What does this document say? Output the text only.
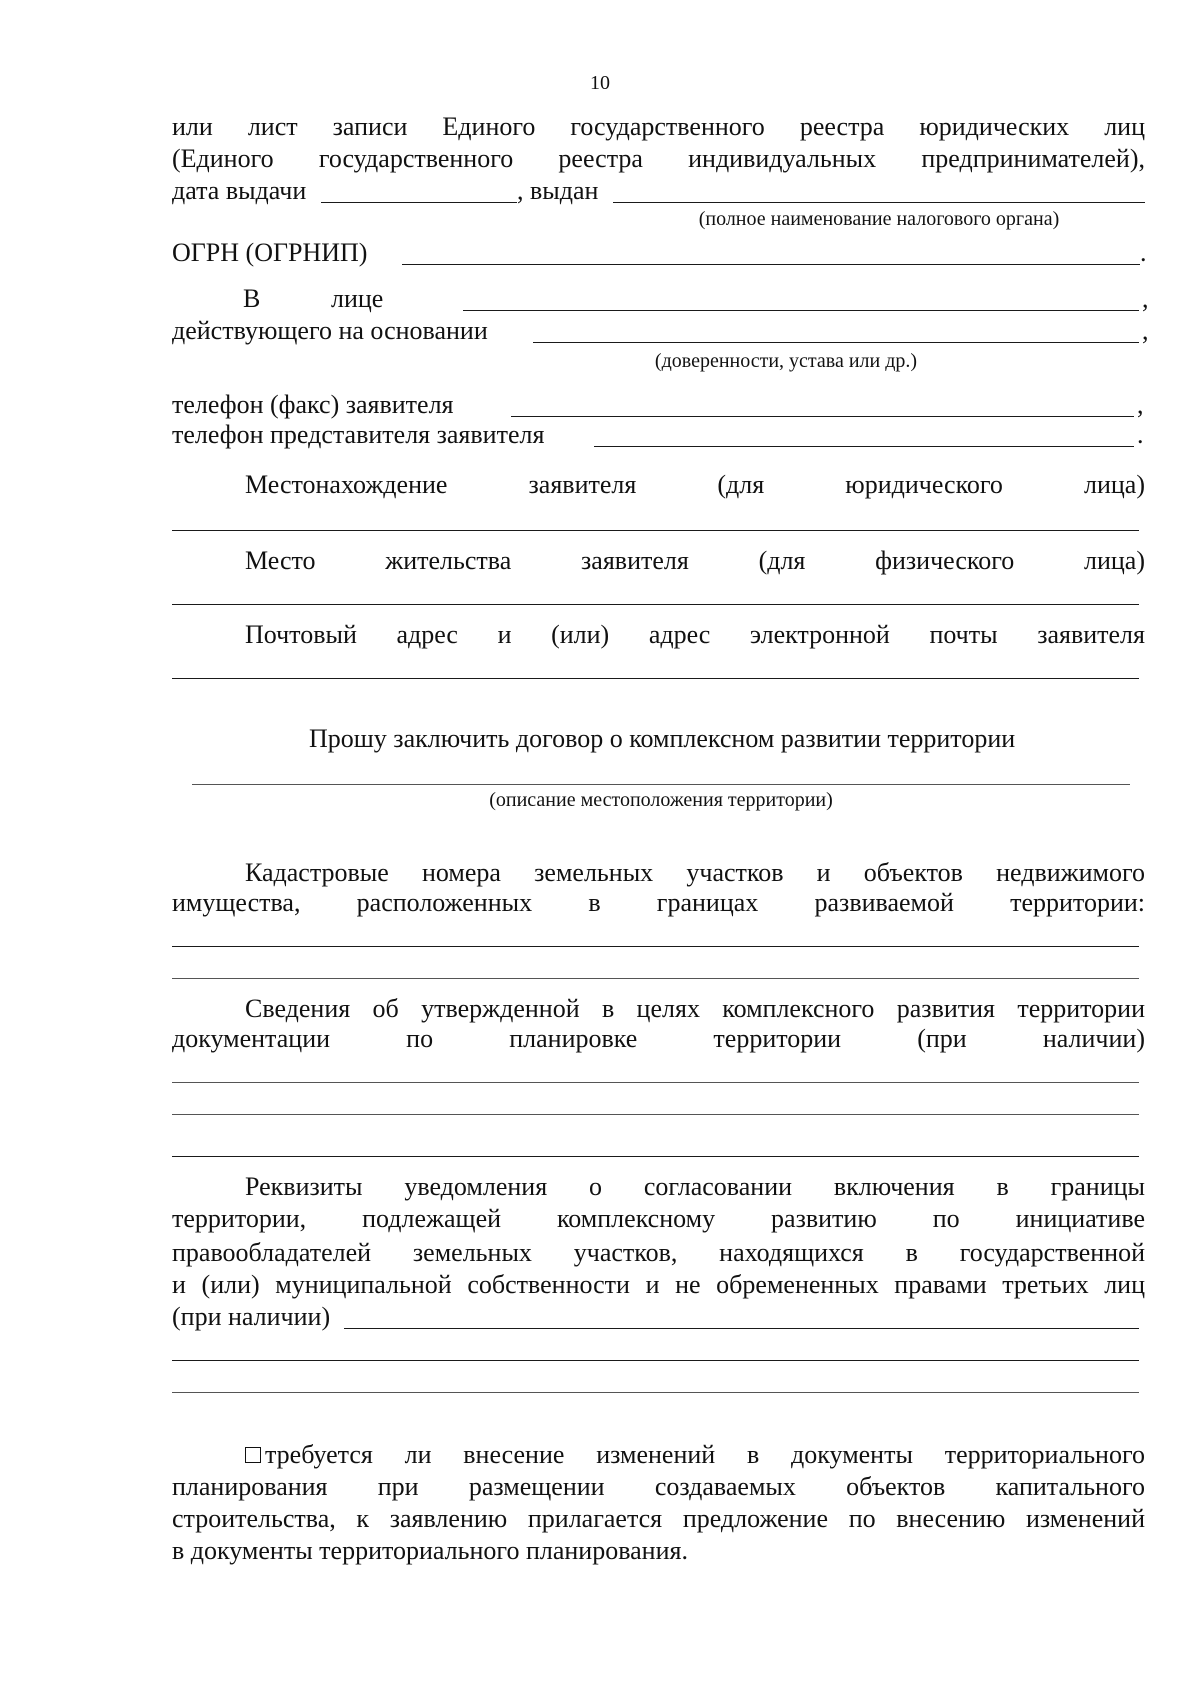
10
или лист записи Единого государственного реестра юридических лиц
(Единого государственного реестра индивидуальных предпринимателей),
дата выдачи	, выдан
(полное наименование налогового органа)
ОГРН (ОГРНИП)	.
В	лице	,
действующего на основании	,
(доверенности, устава или др.)
телефон (факс) заявителя	,
телефон представителя заявителя	.
Местонахождение заявителя (для юридического лица)
Место жительства заявителя (для физического лица)
Почтовый адрес и (или) адрес электронной почты заявителя
Прошу заключить договор о комплексном развитии территории
(описание местоположения территории)
Кадастровые номера земельных участков и объектов недвижимого
имущества, расположенных в границах развиваемой территории:
Сведения об утвержденной в целях комплексного развития территории
документации по планировке территории (при наличии)
Реквизиты уведомления о согласовании включения в границы
территории, подлежащей комплексному развитию по инициативе
правообладателей земельных участков, находящихся в государственной
и (или) муниципальной собственности и не обремененных правами третьих лиц
(при наличии)
требуется ли внесение изменений в документы территориального
планирования при размещении создаваемых объектов капитального
строительства, к заявлению прилагается предложение по внесению изменений
в документы территориального планирования.
